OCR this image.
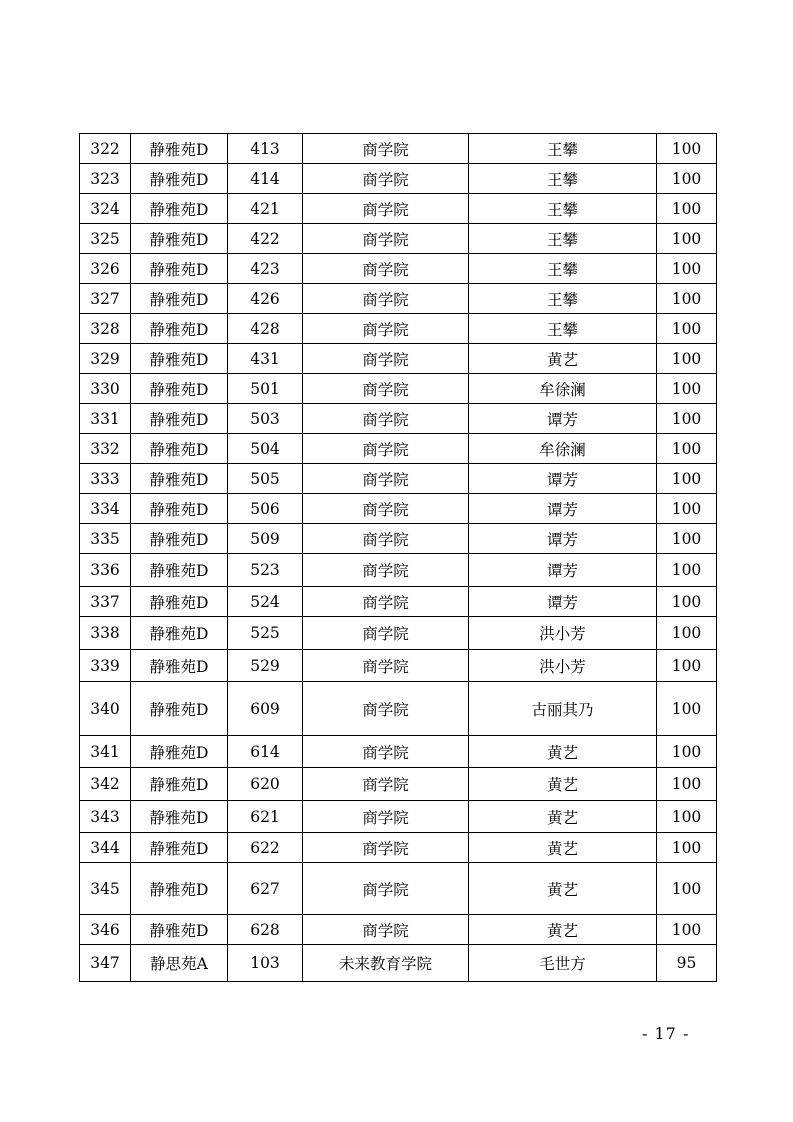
322	静雅苑D	413	商学院	王攀	100
323	静雅苑D	414	商学院	王攀	100
324	静雅苑D	421	商学院	王攀	100
325	静雅苑D	422	商学院	王攀	100
326	静雅苑D	423	商学院	王攀	100
327	静雅苑D	426	商学院	王攀	100
328	静雅苑D	428	商学院	王攀	100
329	静雅苑D	431	商学院	黄艺	100
330	静雅苑D	501	商学院	牟徐澜	100
331	静雅苑D	503	商学院	谭芳	100
332	静雅苑D	504	商学院	牟徐澜	100
333	静雅苑D	505	商学院	谭芳	100
334	静雅苑D	506	商学院	谭芳	100
335	静雅苑D	509	商学院	谭芳	100
336	静雅苑D	523	商学院	谭芳	100
337	静雅苑D	524	商学院	谭芳	100
338	静雅苑D	525	商学院	洪小芳	100
339	静雅苑D	529	商学院	洪小芳	100
340	静雅苑D	609	商学院	古丽其乃	100
341	静雅苑D	614	商学院	黄艺	100
342	静雅苑D	620	商学院	黄艺	100
343	静雅苑D	621	商学院	黄艺	100
344	静雅苑D	622	商学院	黄艺	100
345	静雅苑D	627	商学院	黄艺	100
346	静雅苑D	628	商学院	黄艺	100
347	静思苑A	103	未来教育学院	毛世方	95
- 17 -
